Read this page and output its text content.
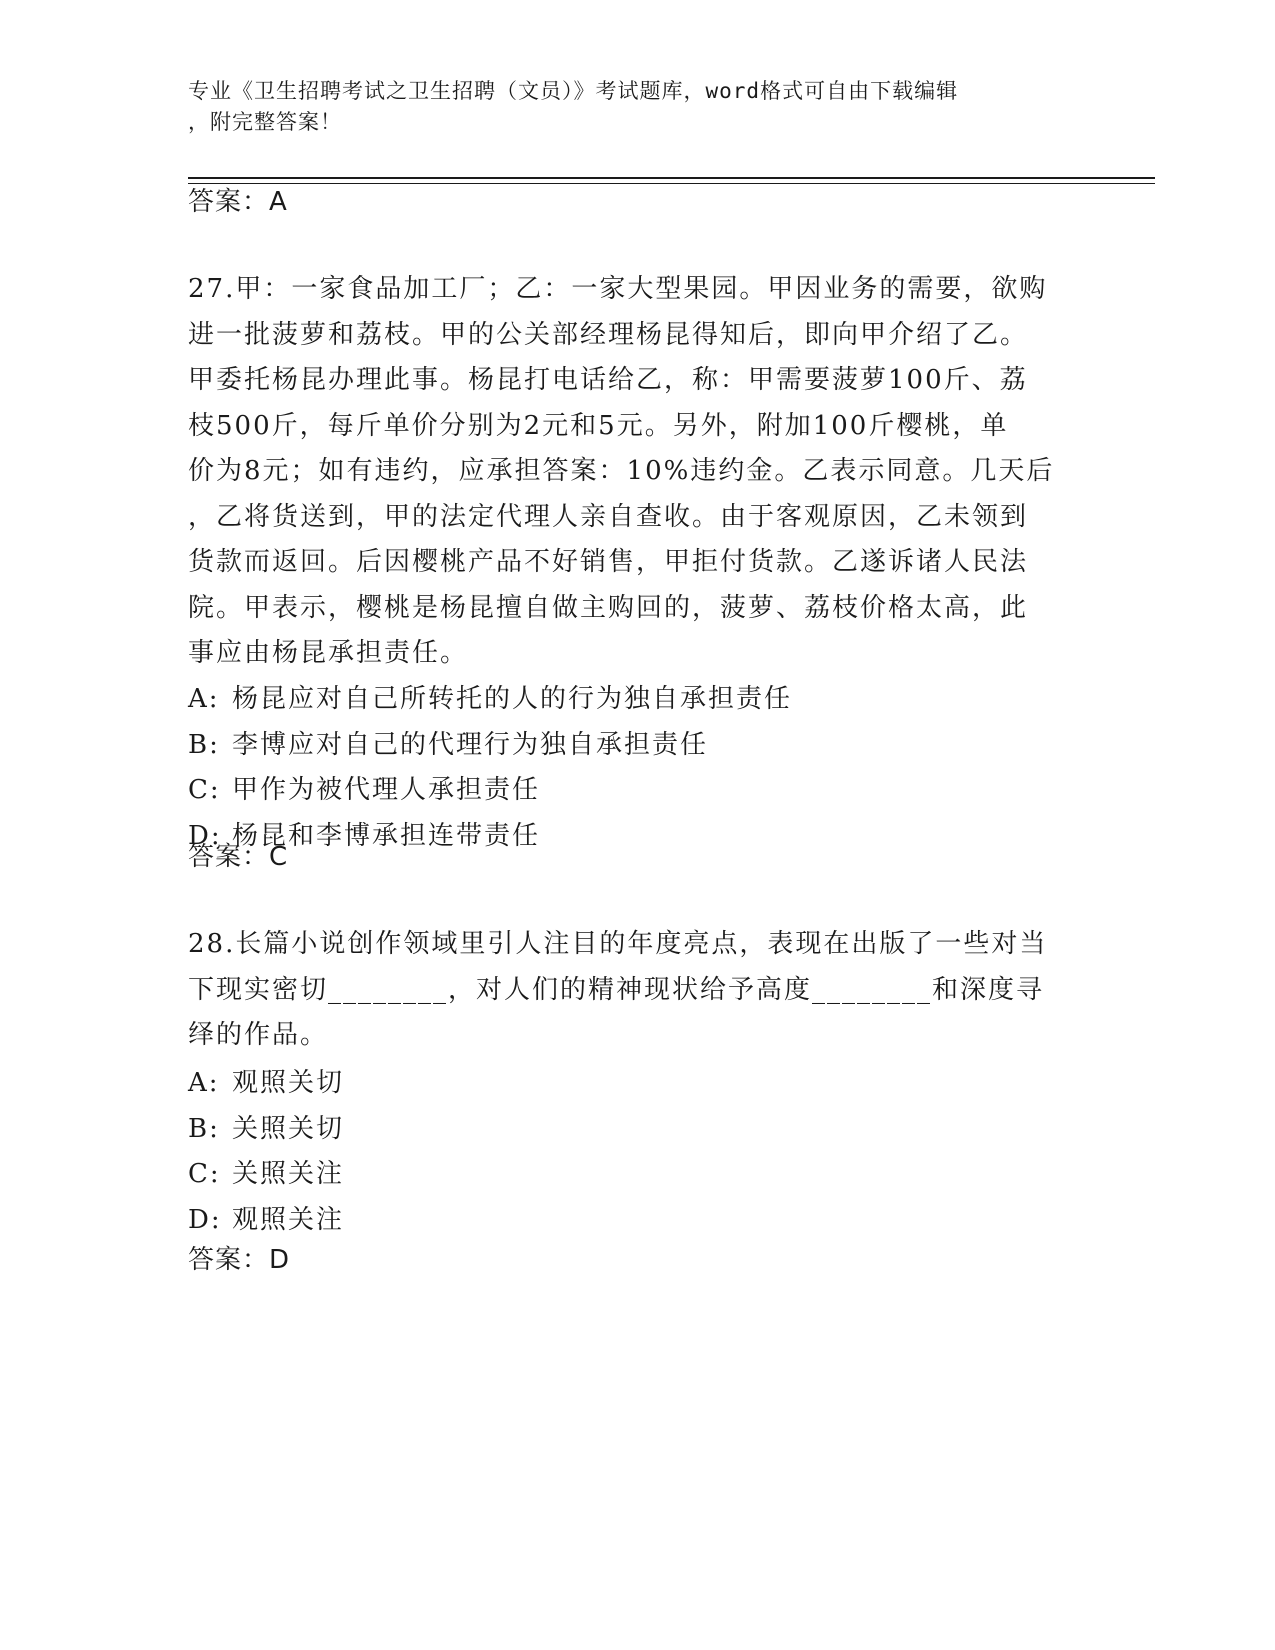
专业《卫生招聘考试之卫生招聘（文员）》考试题库，word格式可自由下载编辑
，附完整答案！
答案：A
27.甲：一家食品加工厂；乙：一家大型果园。甲因业务的需要，欲购
进一批菠萝和荔枝。甲的公关部经理杨昆得知后，即向甲介绍了乙。
甲委托杨昆办理此事。杨昆打电话给乙，称：甲需要菠萝100斤、荔
枝500斤，每斤单价分别为2元和5元。另外，附加100斤樱桃，单
价为8元；如有违约，应承担答案：10%违约金。乙表示同意。几天后
，乙将货送到，甲的法定代理人亲自查收。由于客观原因，乙未领到
货款而返回。后因樱桃产品不好销售，甲拒付货款。乙遂诉诸人民法
院。甲表示，樱桃是杨昆擅自做主购回的，菠萝、荔枝价格太高，此
事应由杨昆承担责任。
A: 杨昆应对自己所转托的人的行为独自承担责任
B: 李博应对自己的代理行为独自承担责任
C: 甲作为被代理人承担责任
D: 杨昆和李博承担连带责任
答案：C
28.长篇小说创作领域里引人注目的年度亮点，表现在出版了一些对当
下现实密切________，对人们的精神现状给予高度________和深度寻
绎的作品。
A: 观照关切
B: 关照关切
C: 关照关注
D: 观照关注
答案：D
